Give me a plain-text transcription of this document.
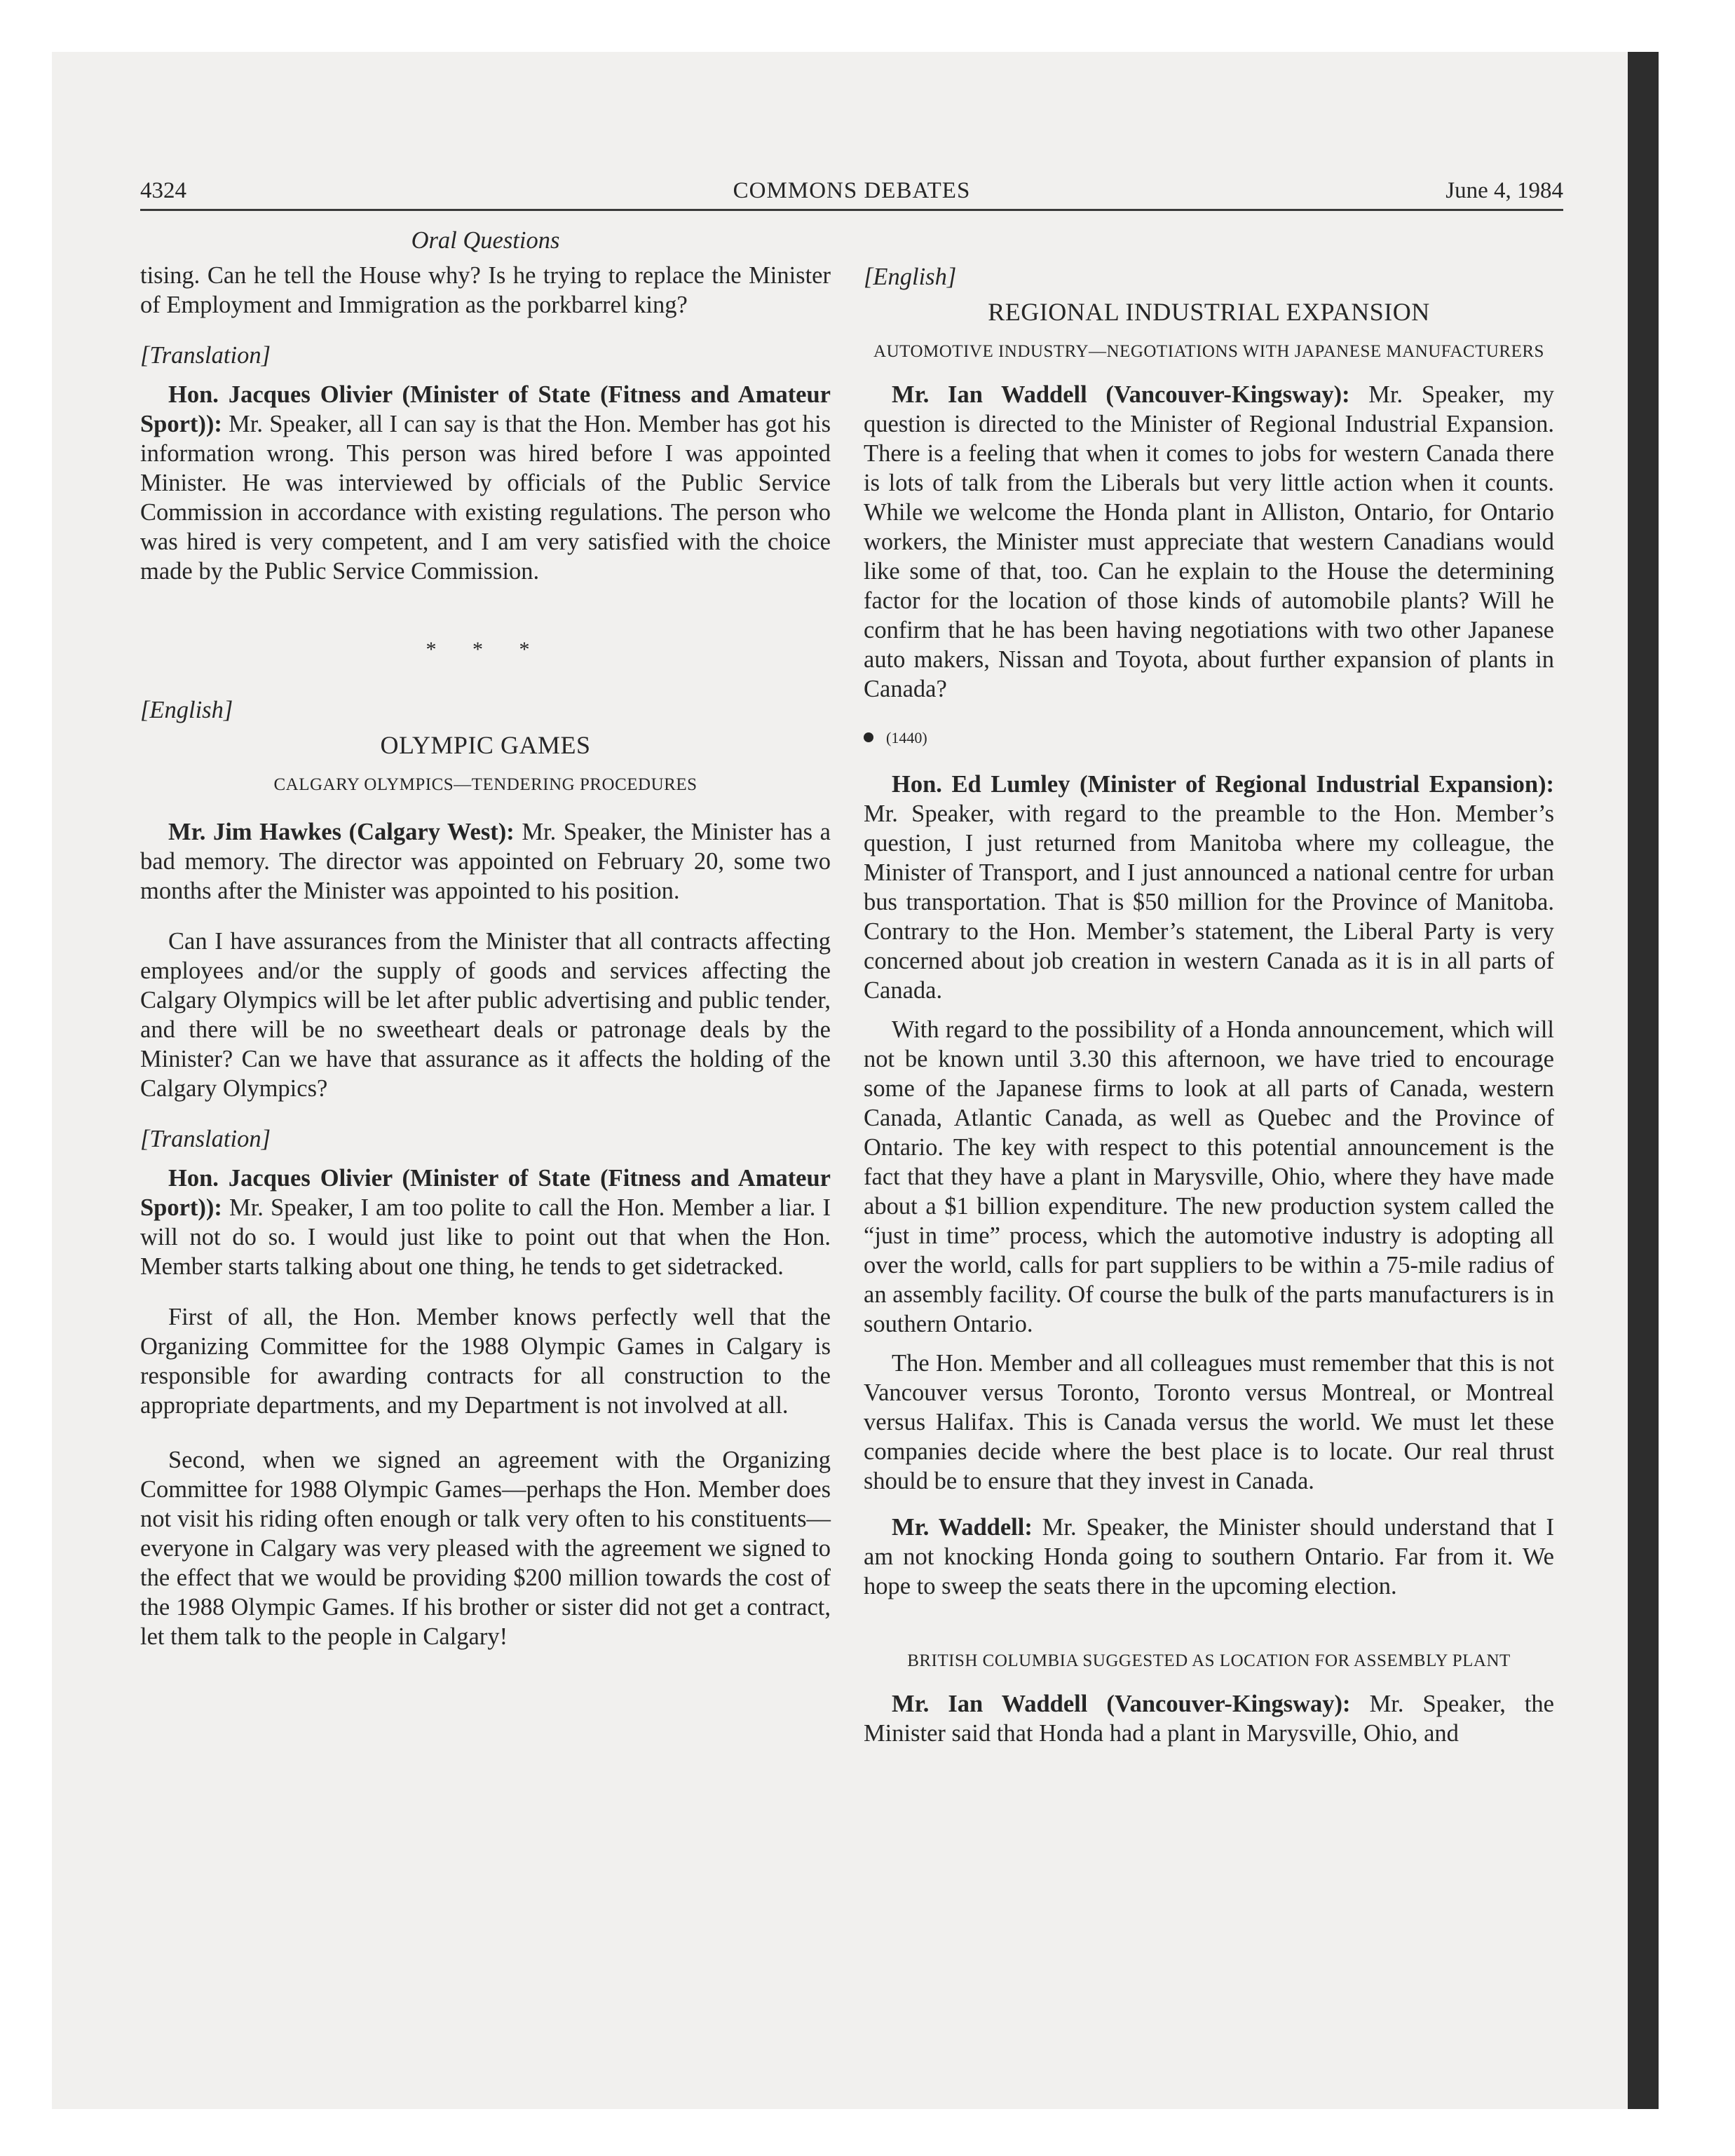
4324	COMMONS DEBATES	June 4, 1984

Oral Questions

tising. Can he tell the House why? Is he trying to replace the Minister of Employment and Immigration as the porkbarrel king?

[Translation]

Hon. Jacques Olivier (Minister of State (Fitness and Amateur Sport)): Mr. Speaker, all I can say is that the Hon. Member has got his information wrong. This person was hired before I was appointed Minister. He was interviewed by officials of the Public Service Commission in accordance with existing regulations. The person who was hired is very competent, and I am very satisfied with the choice made by the Public Service Commission.

* * *

[English]

OLYMPIC GAMES

CALGARY OLYMPICS—TENDERING PROCEDURES

Mr. Jim Hawkes (Calgary West): Mr. Speaker, the Minister has a bad memory. The director was appointed on February 20, some two months after the Minister was appointed to his position.

Can I have assurances from the Minister that all contracts affecting employees and/or the supply of goods and services affecting the Calgary Olympics will be let after public advertising and public tender, and there will be no sweetheart deals or patronage deals by the Minister? Can we have that assurance as it affects the holding of the Calgary Olympics?

[Translation]

Hon. Jacques Olivier (Minister of State (Fitness and Amateur Sport)): Mr. Speaker, I am too polite to call the Hon. Member a liar. I will not do so. I would just like to point out that when the Hon. Member starts talking about one thing, he tends to get sidetracked.

First of all, the Hon. Member knows perfectly well that the Organizing Committee for the 1988 Olympic Games in Calgary is responsible for awarding contracts for all construction to the appropriate departments, and my Department is not involved at all.

Second, when we signed an agreement with the Organizing Committee for 1988 Olympic Games—perhaps the Hon. Member does not visit his riding often enough or talk very often to his constituents—everyone in Calgary was very pleased with the agreement we signed to the effect that we would be providing $200 million towards the cost of the 1988 Olympic Games. If his brother or sister did not get a contract, let them talk to the people in Calgary!

[English]

REGIONAL INDUSTRIAL EXPANSION

AUTOMOTIVE INDUSTRY—NEGOTIATIONS WITH JAPANESE MANUFACTURERS

Mr. Ian Waddell (Vancouver-Kingsway): Mr. Speaker, my question is directed to the Minister of Regional Industrial Expansion. There is a feeling that when it comes to jobs for western Canada there is lots of talk from the Liberals but very little action when it counts. While we welcome the Honda plant in Alliston, Ontario, for Ontario workers, the Minister must appreciate that western Canadians would like some of that, too. Can he explain to the House the determining factor for the location of those kinds of automobile plants? Will he confirm that he has been having negotiations with two other Japanese auto makers, Nissan and Toyota, about further expansion of plants in Canada?

(1440)

Hon. Ed Lumley (Minister of Regional Industrial Expansion): Mr. Speaker, with regard to the preamble to the Hon. Member’s question, I just returned from Manitoba where my colleague, the Minister of Transport, and I just announced a national centre for urban bus transportation. That is $50 million for the Province of Manitoba. Contrary to the Hon. Member’s statement, the Liberal Party is very concerned about job creation in western Canada as it is in all parts of Canada.

With regard to the possibility of a Honda announcement, which will not be known until 3.30 this afternoon, we have tried to encourage some of the Japanese firms to look at all parts of Canada, western Canada, Atlantic Canada, as well as Quebec and the Province of Ontario. The key with respect to this potential announcement is the fact that they have a plant in Marysville, Ohio, where they have made about a $1 billion expenditure. The new production system called the “just in time” process, which the automotive industry is adopting all over the world, calls for part suppliers to be within a 75-mile radius of an assembly facility. Of course the bulk of the parts manufacturers is in southern Ontario.

The Hon. Member and all colleagues must remember that this is not Vancouver versus Toronto, Toronto versus Montreal, or Montreal versus Halifax. This is Canada versus the world. We must let these companies decide where the best place is to locate. Our real thrust should be to ensure that they invest in Canada.

Mr. Waddell: Mr. Speaker, the Minister should understand that I am not knocking Honda going to southern Ontario. Far from it. We hope to sweep the seats there in the upcoming election.

BRITISH COLUMBIA SUGGESTED AS LOCATION FOR ASSEMBLY PLANT

Mr. Ian Waddell (Vancouver-Kingsway): Mr. Speaker, the Minister said that Honda had a plant in Marysville, Ohio, and
